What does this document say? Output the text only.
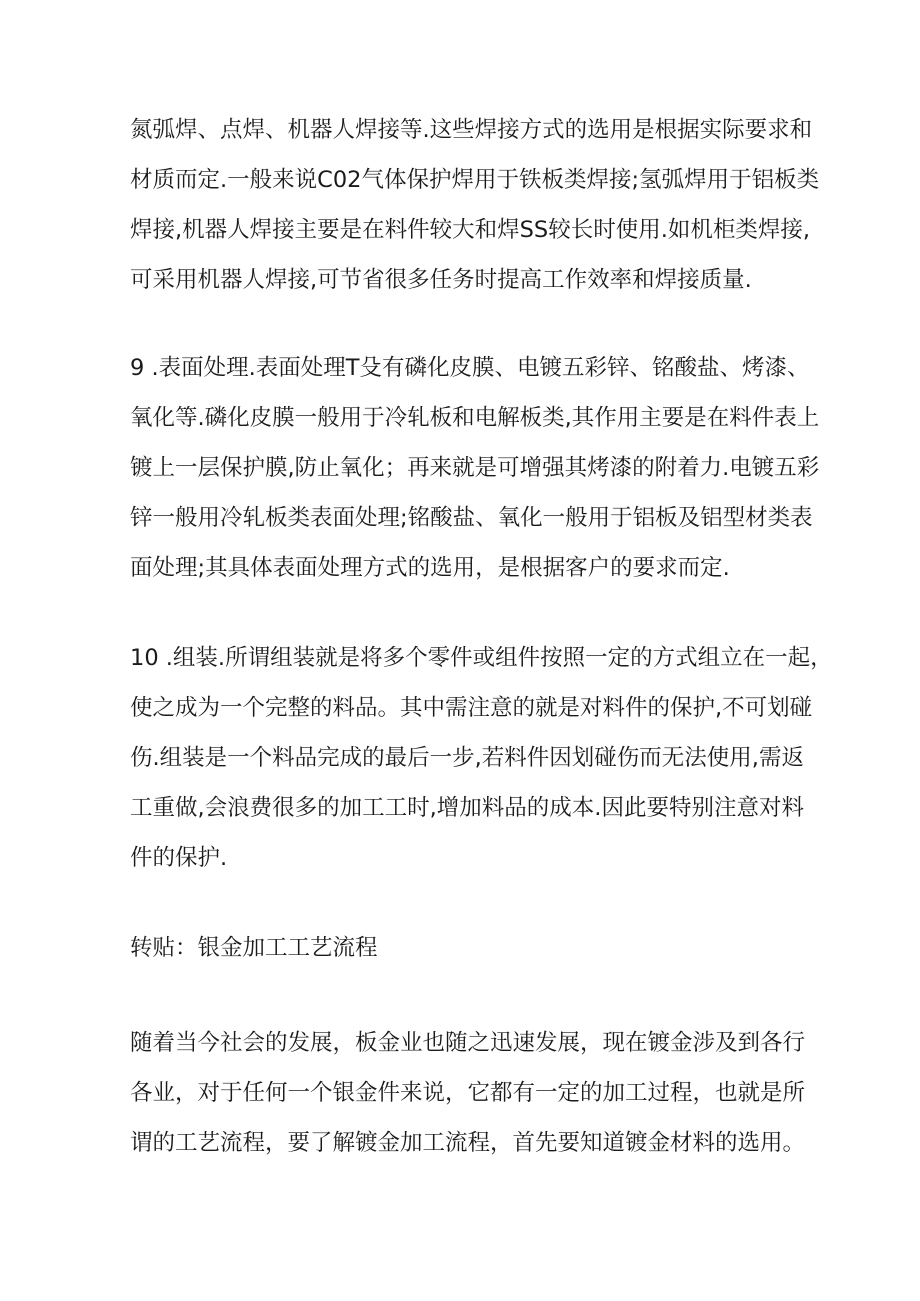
氮弧焊、点焊、机器人焊接等.这些焊接方式的选用是根据实际要求和
材质而定.一般来说C02气体保护焊用于铁板类焊接;氢弧焊用于铝板类
焊接,机器人焊接主要是在料件较大和焊SS较长时使用.如机柜类焊接,
可采用机器人焊接,可节省很多任务时提高工作效率和焊接质量.
9 .表面处理.表面处理T殳有磷化皮膜、电镀五彩锌、铭酸盐、烤漆、
氧化等.磷化皮膜一般用于冷轧板和电解板类,其作用主要是在料件表上
镀上一层保护膜,防止氧化；再来就是可增强其烤漆的附着力.电镀五彩
锌一般用冷轧板类表面处理;铭酸盐、氧化一般用于铝板及铝型材类表
面处理;其具体表面处理方式的选用，是根据客户的要求而定.
10 .组装.所谓组装就是将多个零件或组件按照一定的方式组立在一起，
使之成为一个完整的料品。其中需注意的就是对料件的保护,不可划碰
伤.组装是一个料品完成的最后一步,若料件因划碰伤而无法使用,需返
工重做,会浪费很多的加工工时,增加料品的成本.因此要特别注意对料
件的保护.
转贴：银金加工工艺流程
随着当今社会的发展，板金业也随之迅速发展，现在镀金涉及到各行
各业，对于任何一个银金件来说，它都有一定的加工过程，也就是所
谓的工艺流程，要了解镀金加工流程，首先要知道镀金材料的选用。
